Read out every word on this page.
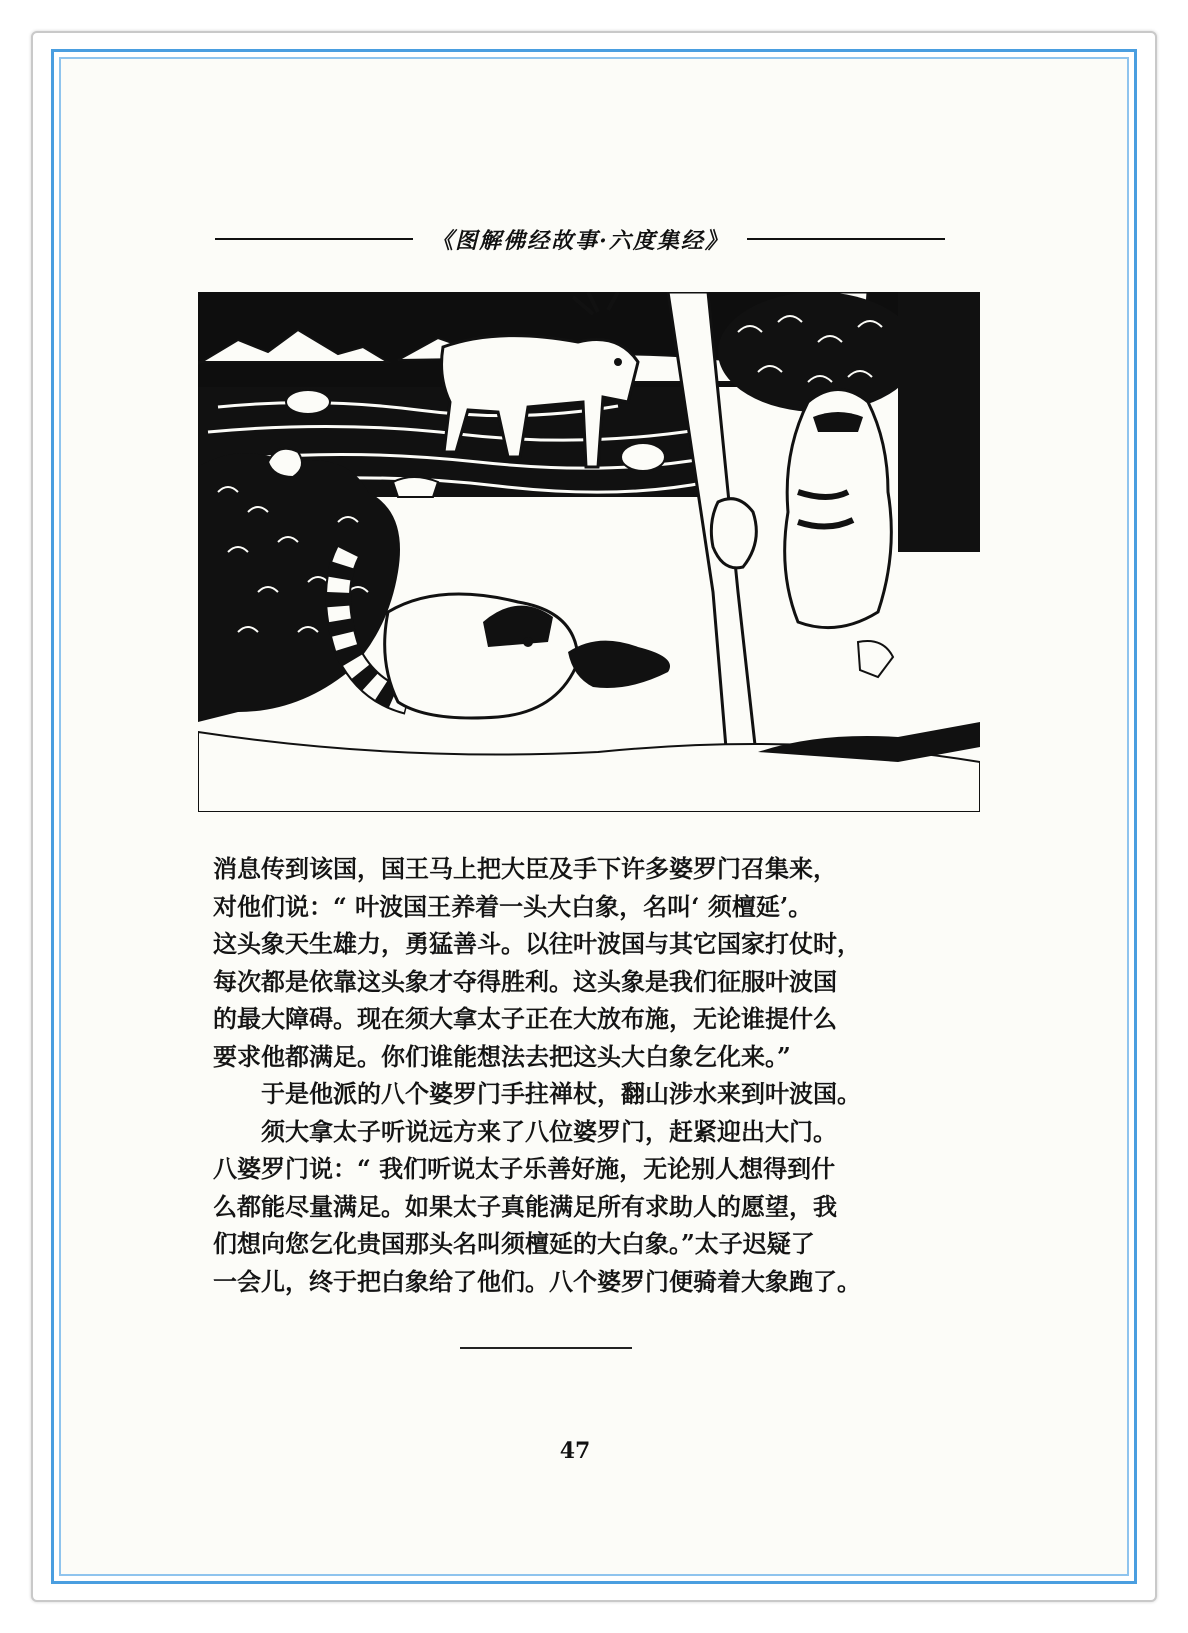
《图解佛经故事·六度集经》

消息传到该国，国王马上把大臣及手下许多婆罗门召集来，

对他们说：“ 叶波国王养着一头大白象，名叫‘ 须檀延’。

这头象天生雄力，勇猛善斗。以往叶波国与其它国家打仗时，

每次都是依靠这头象才夺得胜利。这头象是我们征服叶波国

的最大障碍。现在须大拿太子正在大放布施，无论谁提什么

要求他都满足。你们谁能想法去把这头大白象乞化来。”

于是他派的八个婆罗门手拄禅杖，翻山涉水来到叶波国。

须大拿太子听说远方来了八位婆罗门，赶紧迎出大门。

八婆罗门说：“ 我们听说太子乐善好施，无论别人想得到什

么都能尽量满足。如果太子真能满足所有求助人的愿望，我

们想向您乞化贵国那头名叫须檀延的大白象。”太子迟疑了

一会儿，终于把白象给了他们。八个婆罗门便骑着大象跑了。

47
